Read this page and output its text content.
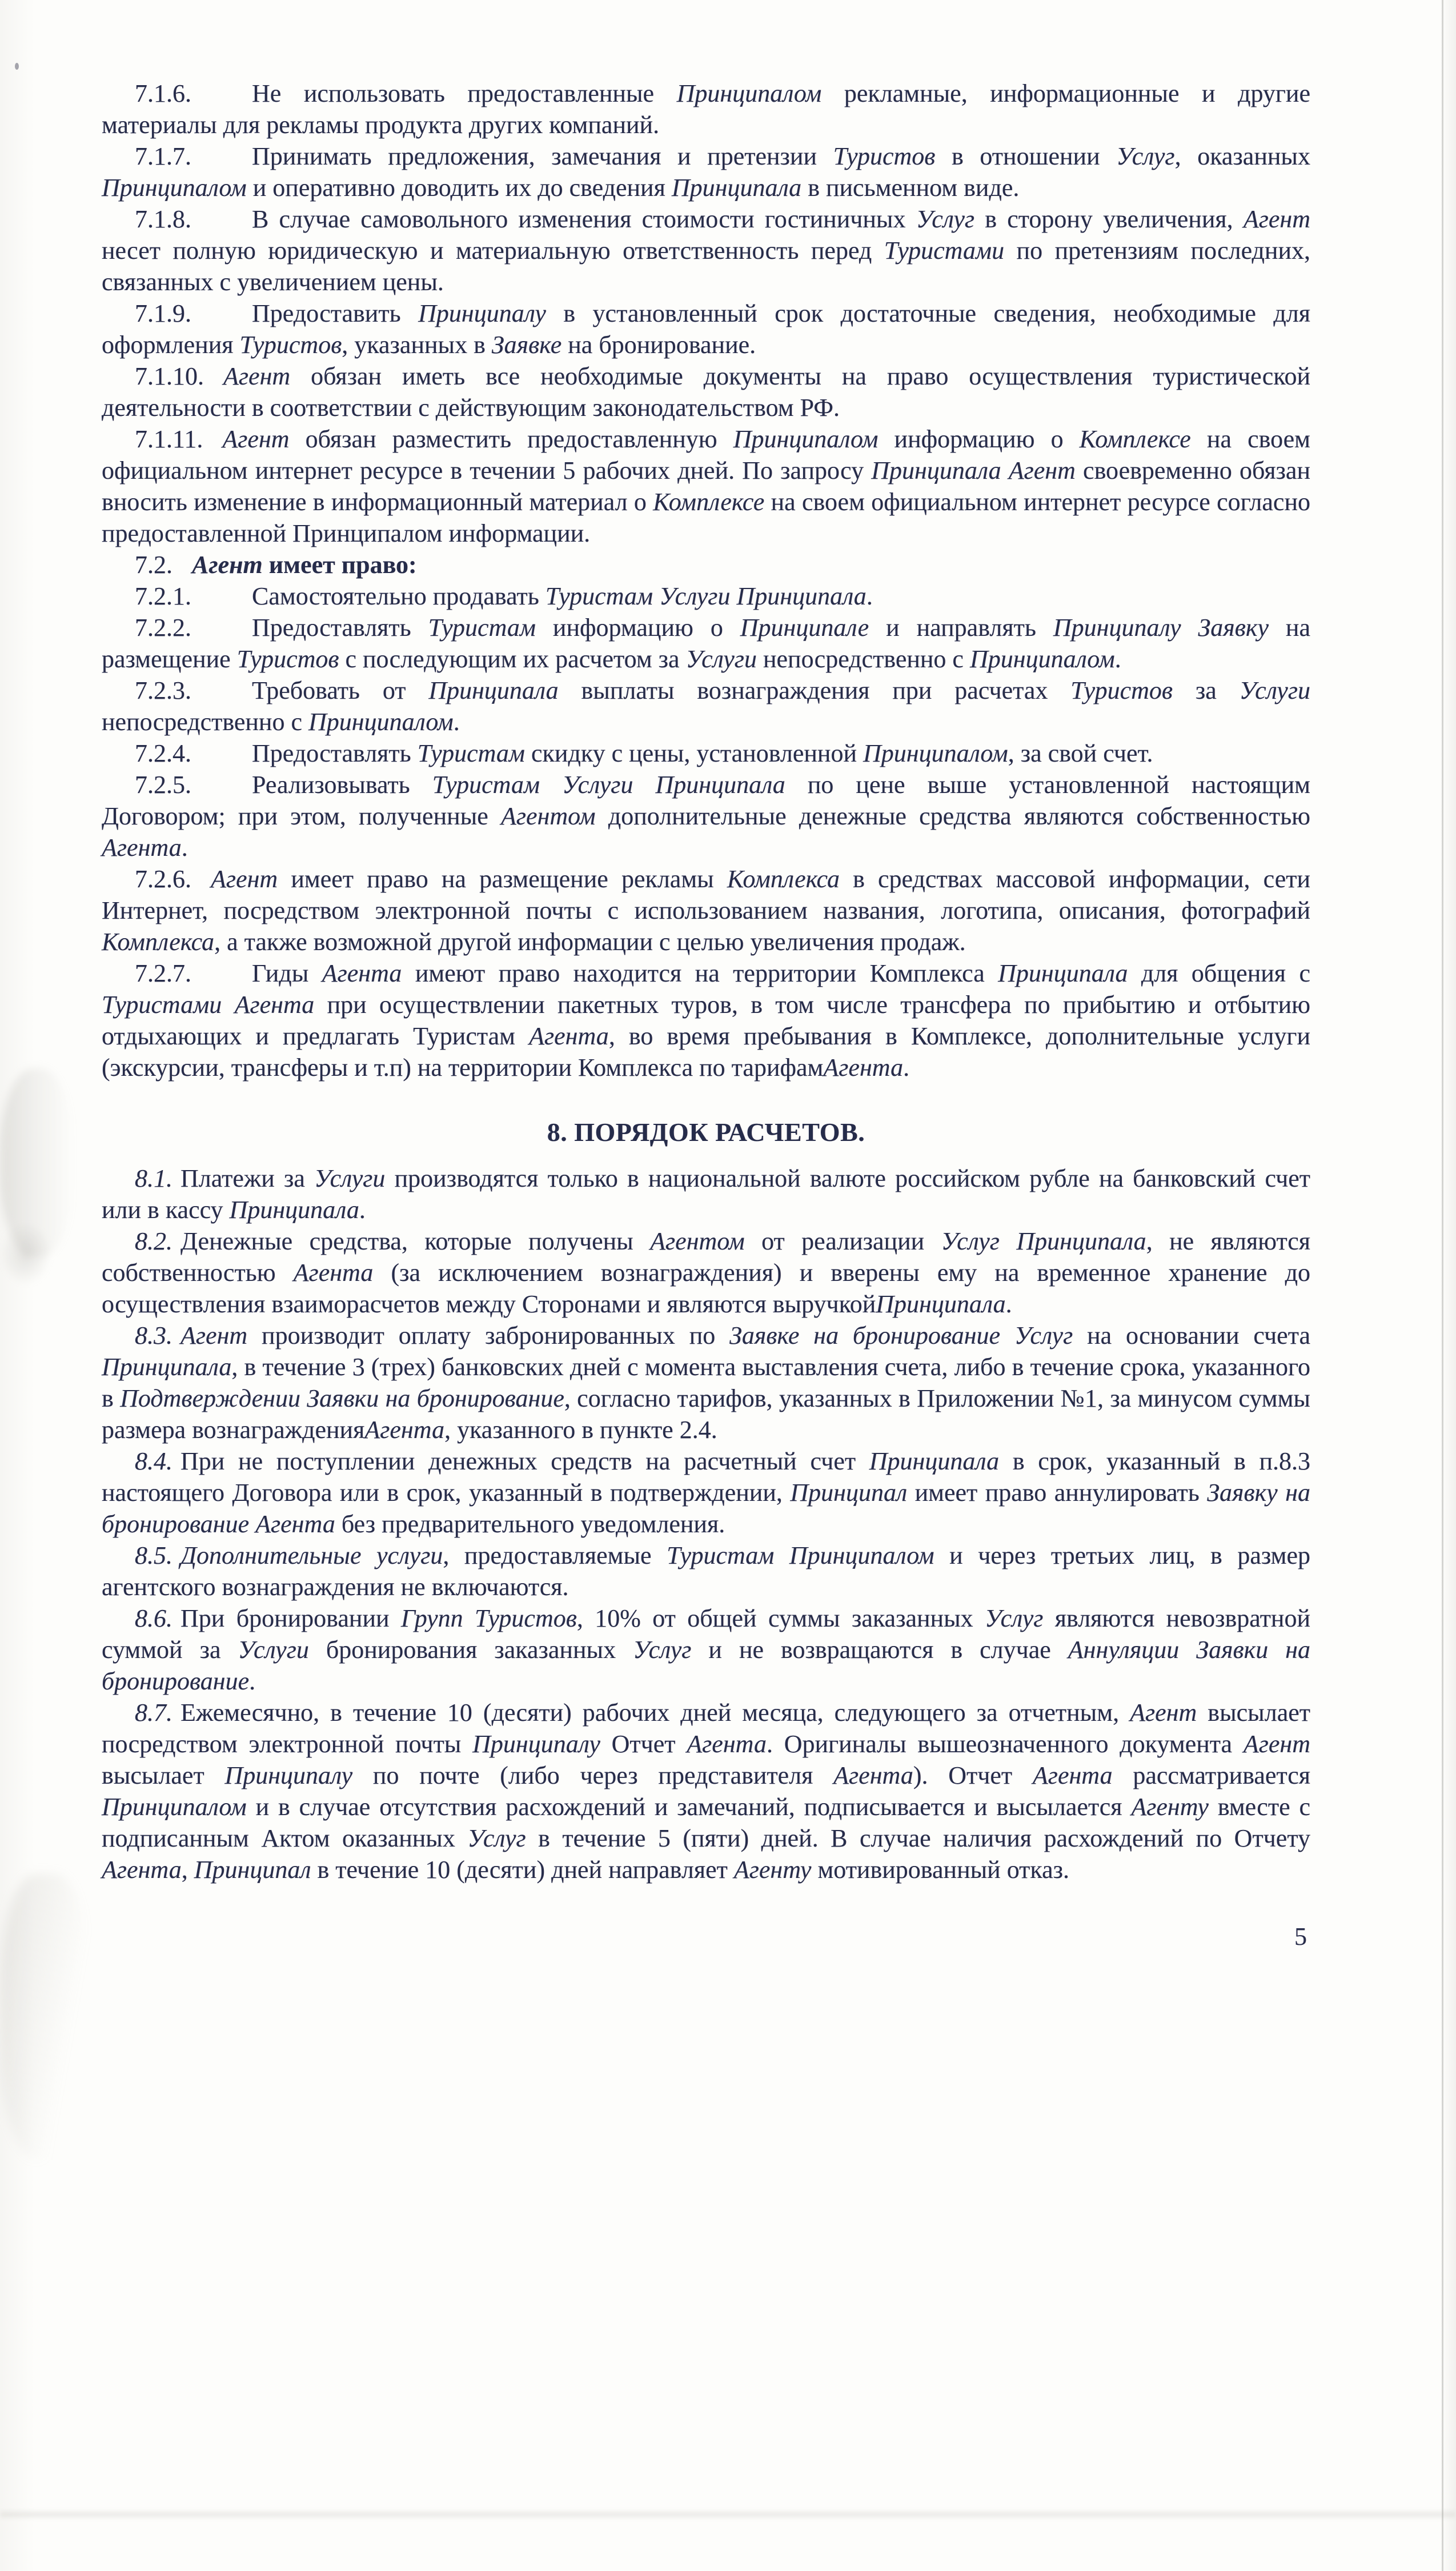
7.1.6. Не использовать предоставленные Принципалом рекламные, информационные и другие материалы для рекламы продукта других компаний.

7.1.7. Принимать предложения, замечания и претензии Туристов в отношении Услуг, оказанных Принципалом и оперативно доводить их до сведения Принципала в письменном виде.

7.1.8. В случае самовольного изменения стоимости гостиничных Услуг в сторону увеличения, Агент несет полную юридическую и материальную ответственность перед Туристами по претензиям последних, связанных с увеличением цены.

7.1.9. Предоставить Принципалу в установленный срок достаточные сведения, необходимые для оформления Туристов, указанных в Заявке на бронирование.

7.1.10. Агент обязан иметь все необходимые документы на право осуществления туристической деятельности в соответствии с действующим законодательством РФ.

7.1.11. Агент обязан разместить предоставленную Принципалом информацию о Комплексе на своем официальном интернет ресурсе в течении 5 рабочих дней. По запросу Принципала Агент своевременно обязан вносить изменение в информационный материал о Комплексе на своем официальном интернет ресурсе согласно предоставленной Принципалом информации.

7.2. Агент имеет право:

7.2.1. Самостоятельно продавать Туристам Услуги Принципала.

7.2.2. Предоставлять Туристам информацию о Принципале и направлять Принципалу Заявку на размещение Туристов с последующим их расчетом за Услуги непосредственно с Принципалом.

7.2.3. Требовать от Принципала выплаты вознаграждения при расчетах Туристов за Услуги непосредственно с Принципалом.

7.2.4. Предоставлять Туристам скидку с цены, установленной Принципалом, за свой счет.

7.2.5. Реализовывать Туристам Услуги Принципала по цене выше установленной настоящим Договором; при этом, полученные Агентом дополнительные денежные средства являются собственностью Агента.

7.2.6. Агент имеет право на размещение рекламы Комплекса в средствах массовой информации, сети Интернет, посредством электронной почты с использованием названия, логотипа, описания, фотографий Комплекса, а также возможной другой информации с целью увеличения продаж.

7.2.7. Гиды Агента имеют право находится на территории Комплекса Принципала для общения с Туристами Агента при осуществлении пакетных туров, в том числе трансфера по прибытию и отбытию отдыхающих и предлагать Туристам Агента, во время пребывания в Комплексе, дополнительные услуги (экскурсии, трансферы и т.п) на территории Комплекса по тарифамАгента.

8. ПОРЯДОК РАСЧЕТОВ.

8.1. Платежи за Услуги производятся только в национальной валюте российском рубле на банковский счет или в кассу Принципала.

8.2. Денежные средства, которые получены Агентом от реализации Услуг Принципала, не являются собственностью Агента (за исключением вознаграждения) и вверены ему на временное хранение до осуществления взаиморасчетов между Сторонами и являются выручкойПринципала.

8.3. Агент производит оплату забронированных по Заявке на бронирование Услуг на основании счета Принципала, в течение 3 (трех) банковских дней с момента выставления счета, либо в течение срока, указанного в Подтверждении Заявки на бронирование, согласно тарифов, указанных в Приложении №1, за минусом суммы размера вознагражденияАгента, указанного в пункте 2.4.

8.4. При не поступлении денежных средств на расчетный счет Принципала в срок, указанный в п.8.3 настоящего Договора или в срок, указанный в подтверждении, Принципал имеет право аннулировать Заявку на бронирование Агента без предварительного уведомления.

8.5. Дополнительные услуги, предоставляемые Туристам Принципалом и через третьих лиц, в размер агентского вознаграждения не включаются.

8.6. При бронировании Групп Туристов, 10% от общей суммы заказанных Услуг являются невозвратной суммой за Услуги бронирования заказанных Услуг и не возвращаются в случае Аннуляции Заявки на бронирование.

8.7. Ежемесячно, в течение 10 (десяти) рабочих дней месяца, следующего за отчетным, Агент высылает посредством электронной почты Принципалу Отчет Агента. Оригиналы вышеозначенного документа Агент высылает Принципалу по почте (либо через представителя Агента). Отчет Агента рассматривается Принципалом и в случае отсутствия расхождений и замечаний, подписывается и высылается Агенту вместе с подписанным Актом оказанных Услуг в течение 5 (пяти) дней. В случае наличия расхождений по Отчету Агента, Принципал в течение 10 (десяти) дней направляет Агенту мотивированный отказ.

5
